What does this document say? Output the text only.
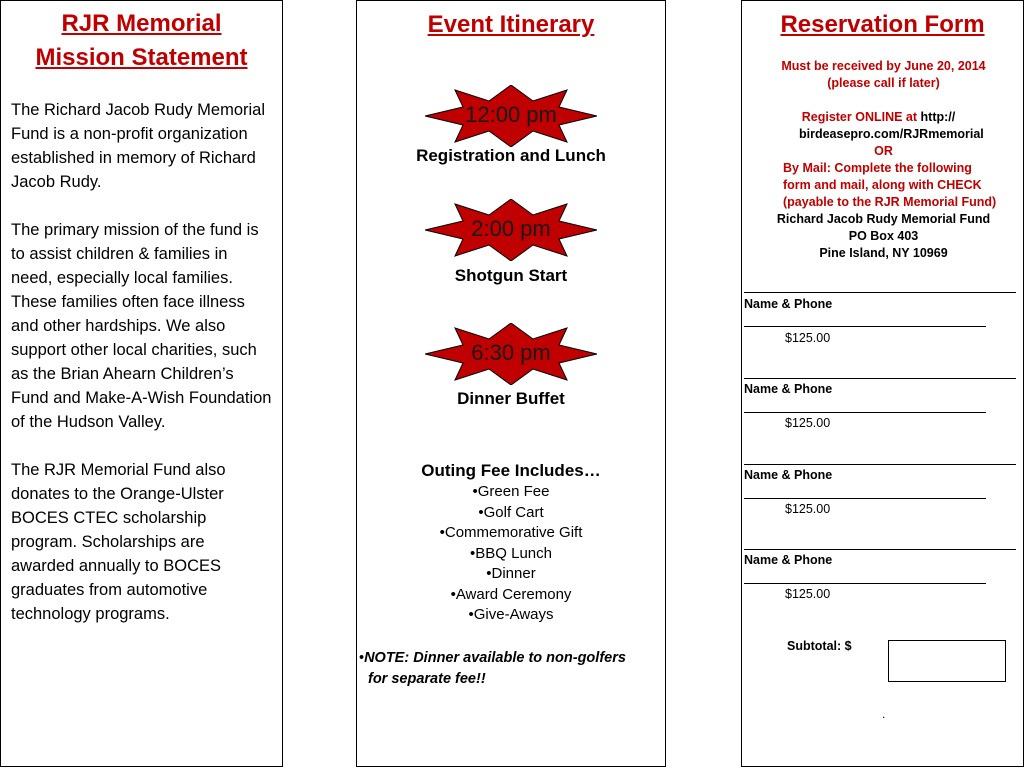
RJR Memorial
Mission Statement

The Richard Jacob Rudy Memorial Fund is a non-profit organization established in memory of Richard Jacob Rudy.

The primary mission of the fund is to assist children & families in need, especially local families. These families often face illness and other hardships. We also support other local charities, such as the Brian Ahearn Children’s Fund and Make-A-Wish Foundation of the Hudson Valley.

The RJR Memorial Fund also donates to the Orange-Ulster BOCES CTEC scholarship program. Scholarships are awarded annually to BOCES graduates from automotive technology programs.

Event Itinerary
12:00 pm
Registration and Lunch
2:00 pm
Shotgun Start
6:30 pm
Dinner Buffet
Outing Fee Includes…
•Green Fee
•Golf Cart
•Commemorative Gift
•BBQ Lunch
•Dinner
•Award Ceremony
•Give-Aways
•NOTE: Dinner available to non-golfers
for separate fee!!
Reservation Form
Must be received by June 20, 2014
(please call if later)
Register ONLINE at http://
birdeasepro.com/RJRmemorial
OR
By Mail: Complete the following
form and mail, along with CHECK
(payable to the RJR Memorial Fund)
Richard Jacob Rudy Memorial Fund
PO Box 403
Pine Island, NY 10969
Name & Phone
$125.00
Name & Phone
$125.00
Name & Phone
$125.00
Name & Phone
$125.00
Subtotal: $
.
